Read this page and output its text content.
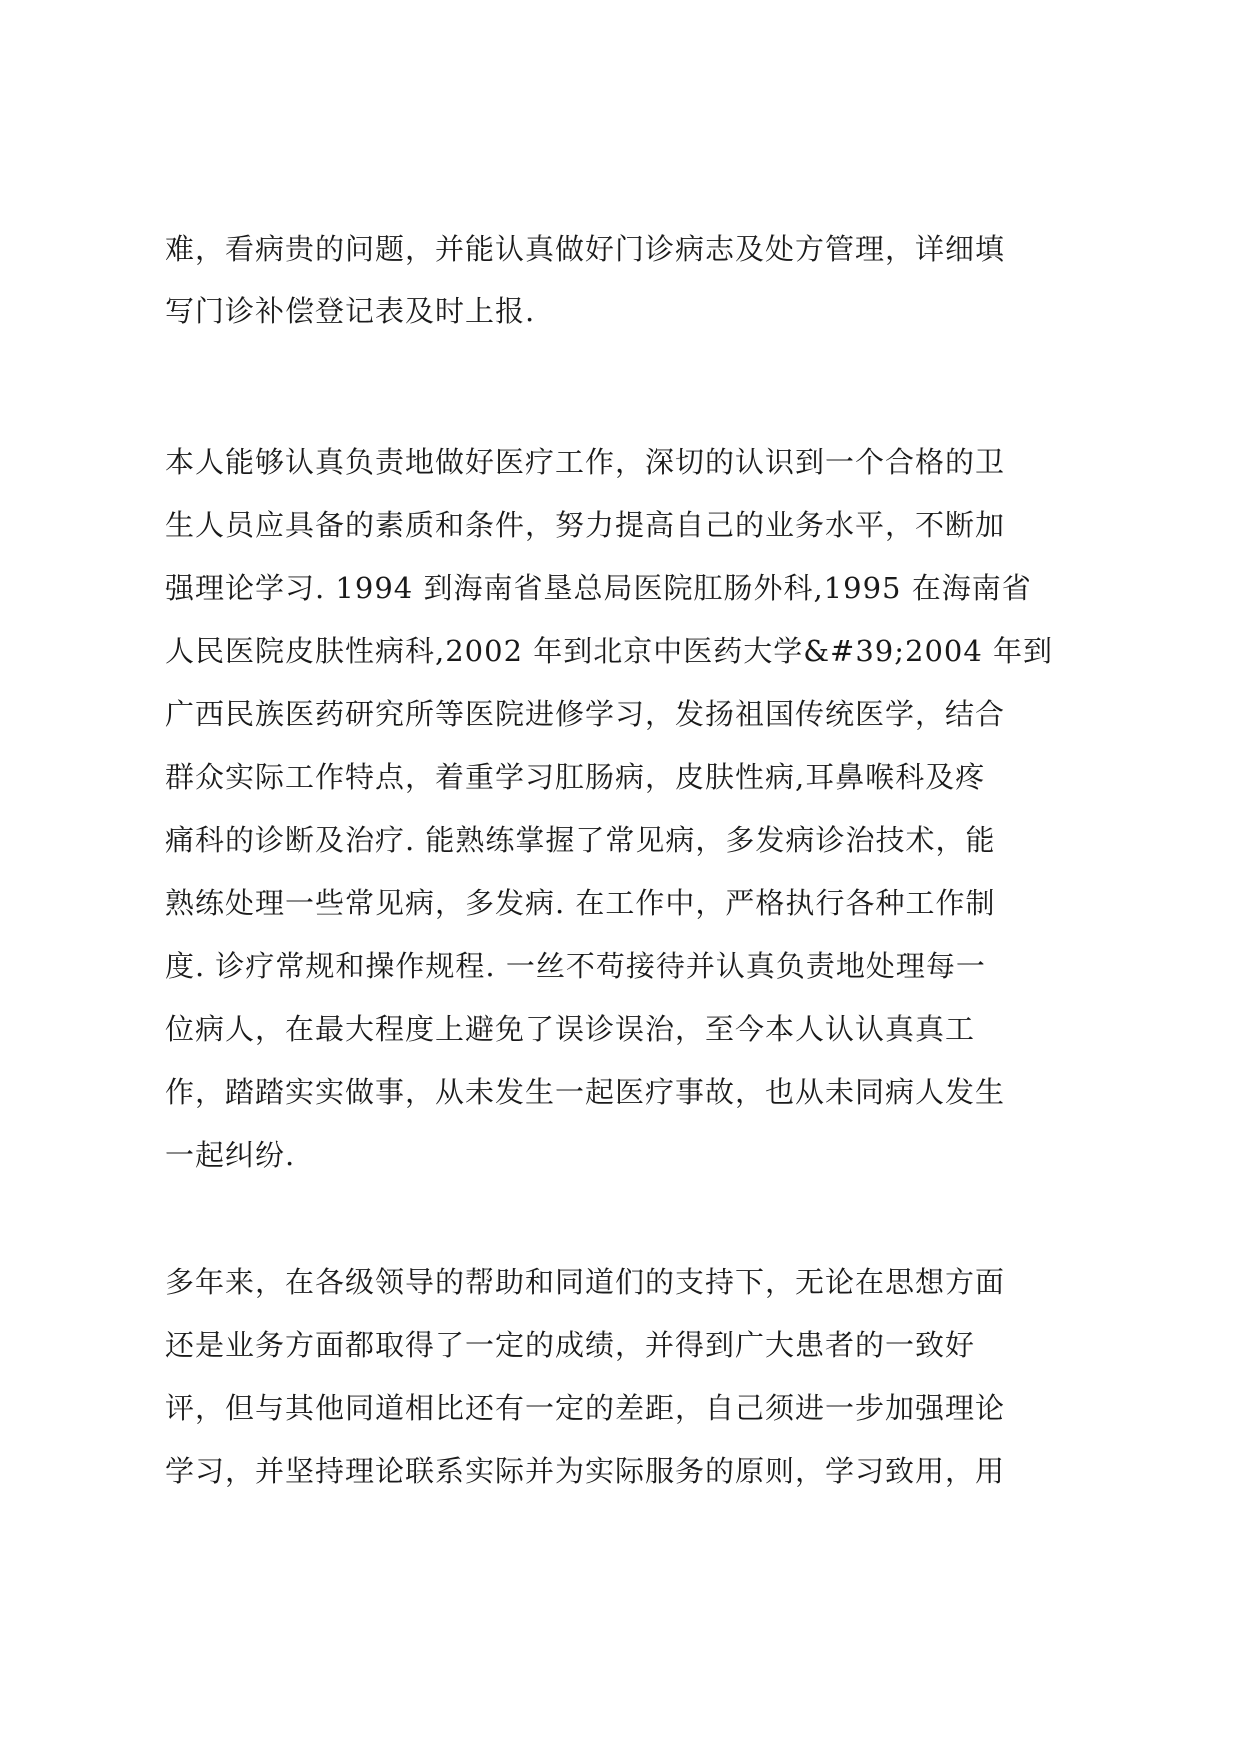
难，看病贵的问题，并能认真做好门诊病志及处方管理，详细填
写门诊补偿登记表及时上报.
本人能够认真负责地做好医疗工作，深切的认识到一个合格的卫
生人员应具备的素质和条件，努力提高自己的业务水平，不断加
强理论学习. 1994 到海南省垦总局医院肛肠外科,1995 在海南省
人民医院皮肤性病科,2002 年到北京中医药大学&#39;2004 年到
广西民族医药研究所等医院进修学习，发扬祖国传统医学，结合
群众实际工作特点，着重学习肛肠病，皮肤性病,耳鼻喉科及疼
痛科的诊断及治疗. 能熟练掌握了常见病，多发病诊治技术，能
熟练处理一些常见病，多发病. 在工作中，严格执行各种工作制
度. 诊疗常规和操作规程. 一丝不苟接待并认真负责地处理每一
位病人，在最大程度上避免了误诊误治，至今本人认认真真工
作，踏踏实实做事，从未发生一起医疗事故，也从未同病人发生
一起纠纷.
多年来，在各级领导的帮助和同道们的支持下，无论在思想方面
还是业务方面都取得了一定的成绩，并得到广大患者的一致好
评，但与其他同道相比还有一定的差距，自己须进一步加强理论
学习，并坚持理论联系实际并为实际服务的原则，学习致用，用
